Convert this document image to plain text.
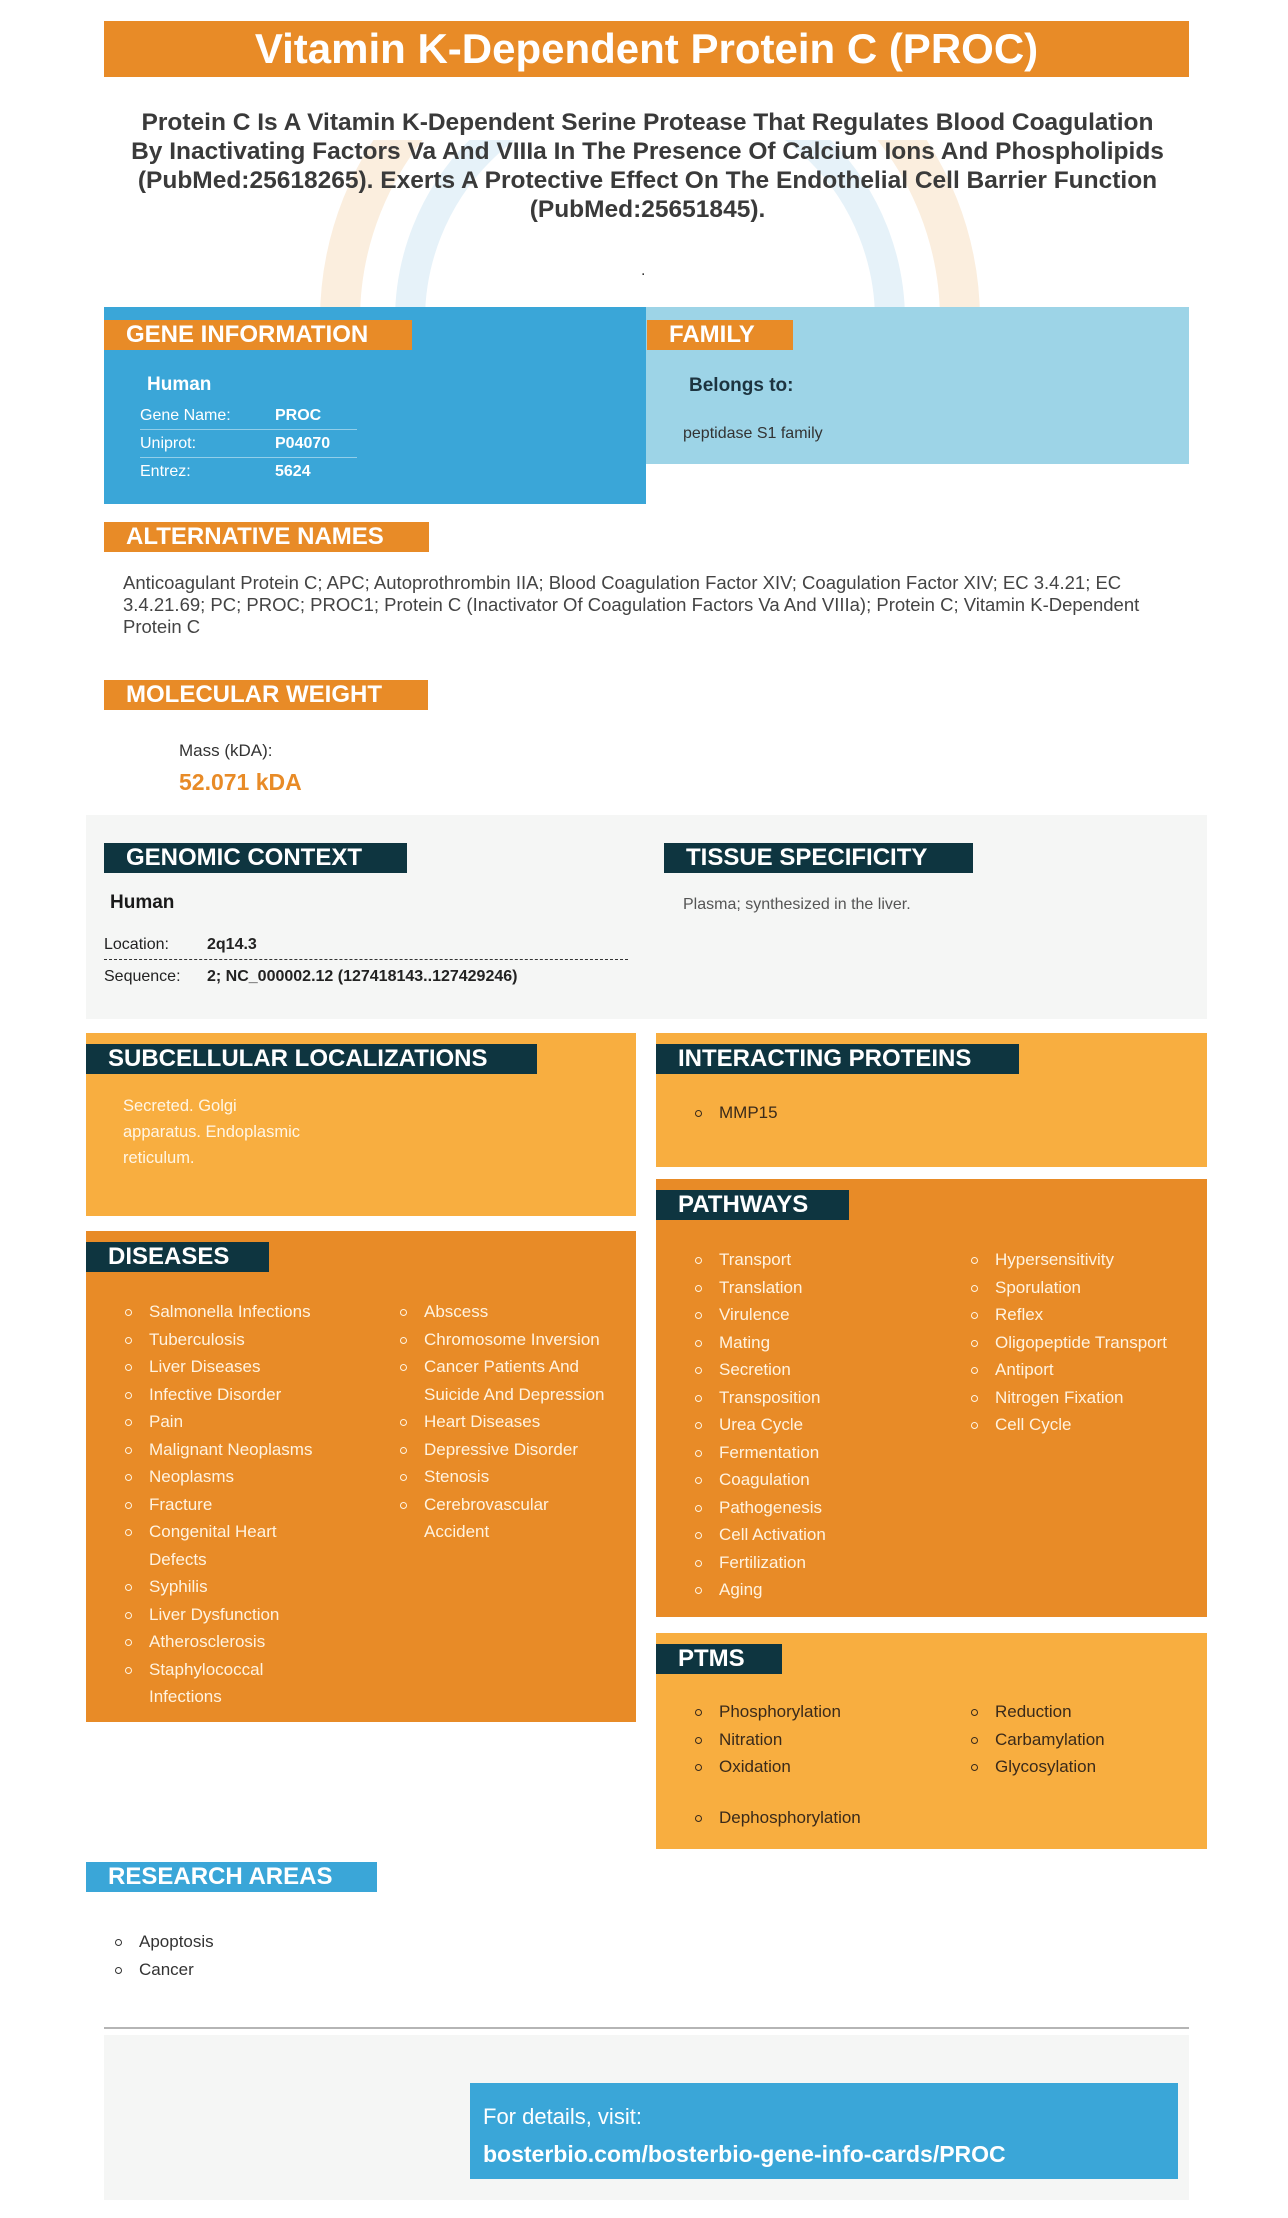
Vitamin K-Dependent Protein C (PROC)
Protein C Is A Vitamin K-Dependent Serine Protease That Regulates Blood Coagulation By Inactivating Factors Va And VIIIa In The Presence Of Calcium Ions And Phospholipids (PubMed:25618265). Exerts A Protective Effect On The Endothelial Cell Barrier Function (PubMed:25651845).
.
GENE INFORMATION
Human
Gene Name:	PROC
Uniprot:	P04070
Entrez:	5624
FAMILY
Belongs to:
peptidase S1 family
ALTERNATIVE NAMES
Anticoagulant Protein C; APC; Autoprothrombin IIA; Blood Coagulation Factor XIV; Coagulation Factor XIV; EC 3.4.21; EC 3.4.21.69; PC; PROC; PROC1; Protein C (Inactivator Of Coagulation Factors Va And VIIIa); Protein C; Vitamin K-Dependent Protein C
MOLECULAR WEIGHT
Mass (kDA):
52.071 kDA
GENOMIC CONTEXT
Human
Location:	2q14.3
Sequence:	2; NC_000002.12 (127418143..127429246)
TISSUE SPECIFICITY
Plasma; synthesized in the liver.
SUBCELLULAR LOCALIZATIONS
Secreted. Golgi
apparatus. Endoplasmic
reticulum.
INTERACTING PROTEINS
MMP15
DISEASES
Salmonella Infections
Tuberculosis
Liver Diseases
Infective Disorder
Pain
Malignant Neoplasms
Neoplasms
Fracture
Congenital Heart
Defects
Syphilis
Liver Dysfunction
Atherosclerosis
Staphylococcal
Infections
Abscess
Chromosome Inversion
Cancer Patients And
Suicide And Depression
Heart Diseases
Depressive Disorder
Stenosis
Cerebrovascular
Accident
PATHWAYS
Transport
Translation
Virulence
Mating
Secretion
Transposition
Urea Cycle
Fermentation
Coagulation
Pathogenesis
Cell Activation
Fertilization
Aging
Hypersensitivity
Sporulation
Reflex
Oligopeptide Transport
Antiport
Nitrogen Fixation
Cell Cycle
PTMS
Phosphorylation
Nitration
Oxidation
Reduction
Carbamylation
Glycosylation
Dephosphorylation
RESEARCH AREAS
Apoptosis
Cancer
For details, visit:
bosterbio.com/bosterbio-gene-info-cards/PROC
